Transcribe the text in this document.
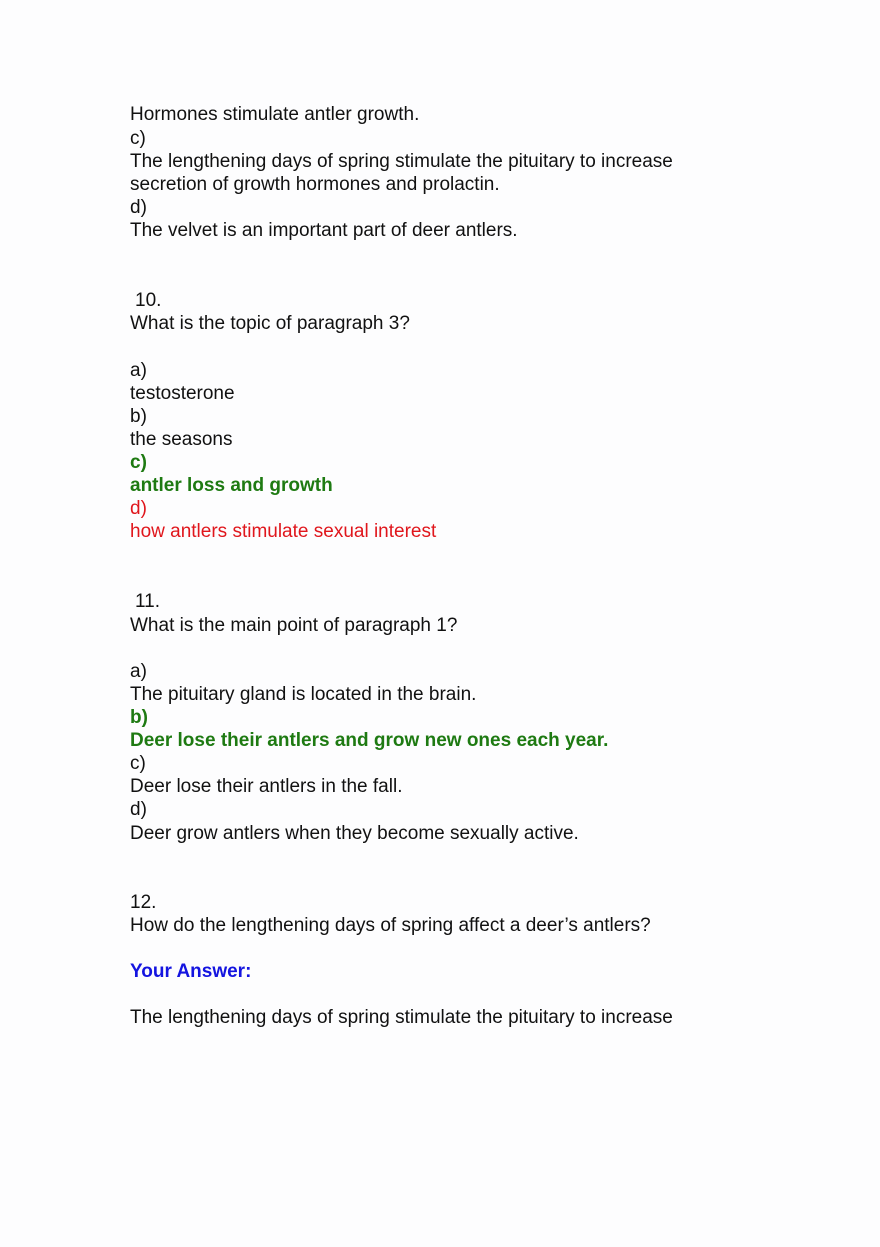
Hormones stimulate antler growth.
c)
The lengthening days of spring stimulate the pituitary to increase
secretion of growth hormones and prolactin.
d)
The velvet is an important part of deer antlers.
10.
What is the topic of paragraph 3?
a)
testosterone
b)
the seasons
c)
antler loss and growth
d)
how antlers stimulate sexual interest
11.
What is the main point of paragraph 1?
a)
The pituitary gland is located in the brain.
b)
Deer lose their antlers and grow new ones each year.
c)
Deer lose their antlers in the fall.
d)
Deer grow antlers when they become sexually active.
12.
How do the lengthening days of spring affect a deer’s antlers?
Your Answer:
The lengthening days of spring stimulate the pituitary to increase
